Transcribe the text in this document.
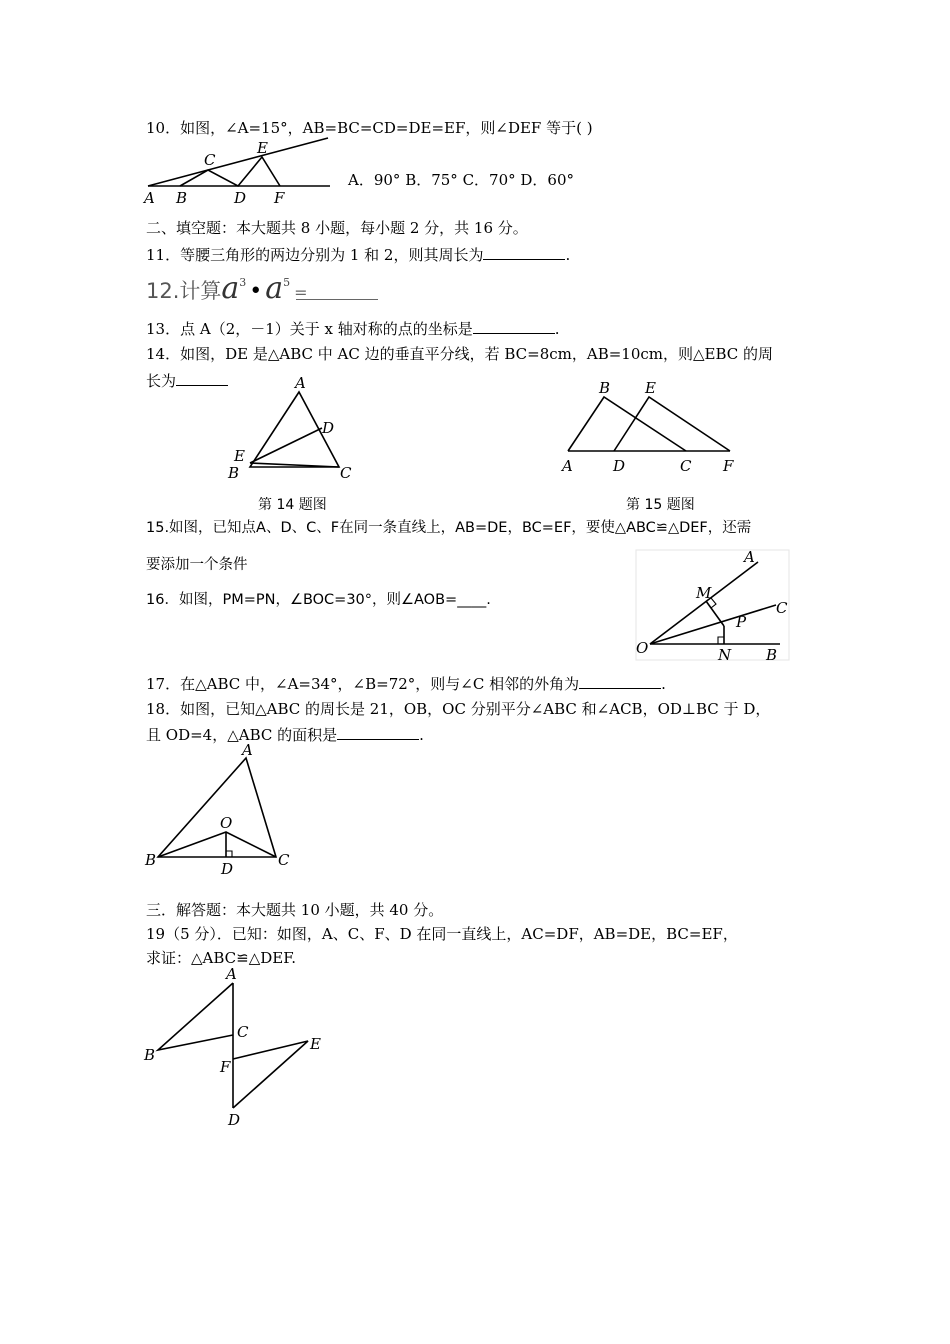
10．如图，∠A=15°，AB=BC=CD=DE=EF，则∠DEF 等于( )
A B
C
D
E
F
A．90° B．75° C．70° D．60°
二、填空题：本大题共 8 小题，每小题 2 分，共 16 分。
11．等腰三角形的两边分别为 1 和 2，则其周长为	.
12.计算$a^3$ • $a^5=$
13．点 A（2，－1）关于 x 轴对称的点的坐标是	.
14．如图，DE 是△ABC 中 AC 边的垂直平分线，若 BC=8cm，AB=10cm，则△EBC 的周
长为	A
D
E
B	C
第 14 题图
B E
A	D	C F
第 15 题图
15.如图，已知点A、D、C、F在同一条直线上，AB=DE，BC=EF，要使△ABC≌△DEF，还需
要添加一个条件
16．如图，PM=PN，∠BOC=30°，则∠AOB=____.
A
M
C
P
O	N B
17．在△ABC 中，∠A=34°，∠B=72°，则与∠C 相邻的外角为	.
18．如图，已知△ABC 的周长是 21，OB，OC 分别平分∠ABC 和∠ACB，OD⊥BC 于 D，
且 OD=4，△ABC 的面积是	.
A
O
B	D	C
三．解答题：本大题共 10 小题，共 40 分。
19（5 分）．已知：如图，A、C、F、D 在同一直线上，AC=DF，AB=DE，BC=EF，
求证：△ABC≌△DEF.
A
C
B
E
F
D
